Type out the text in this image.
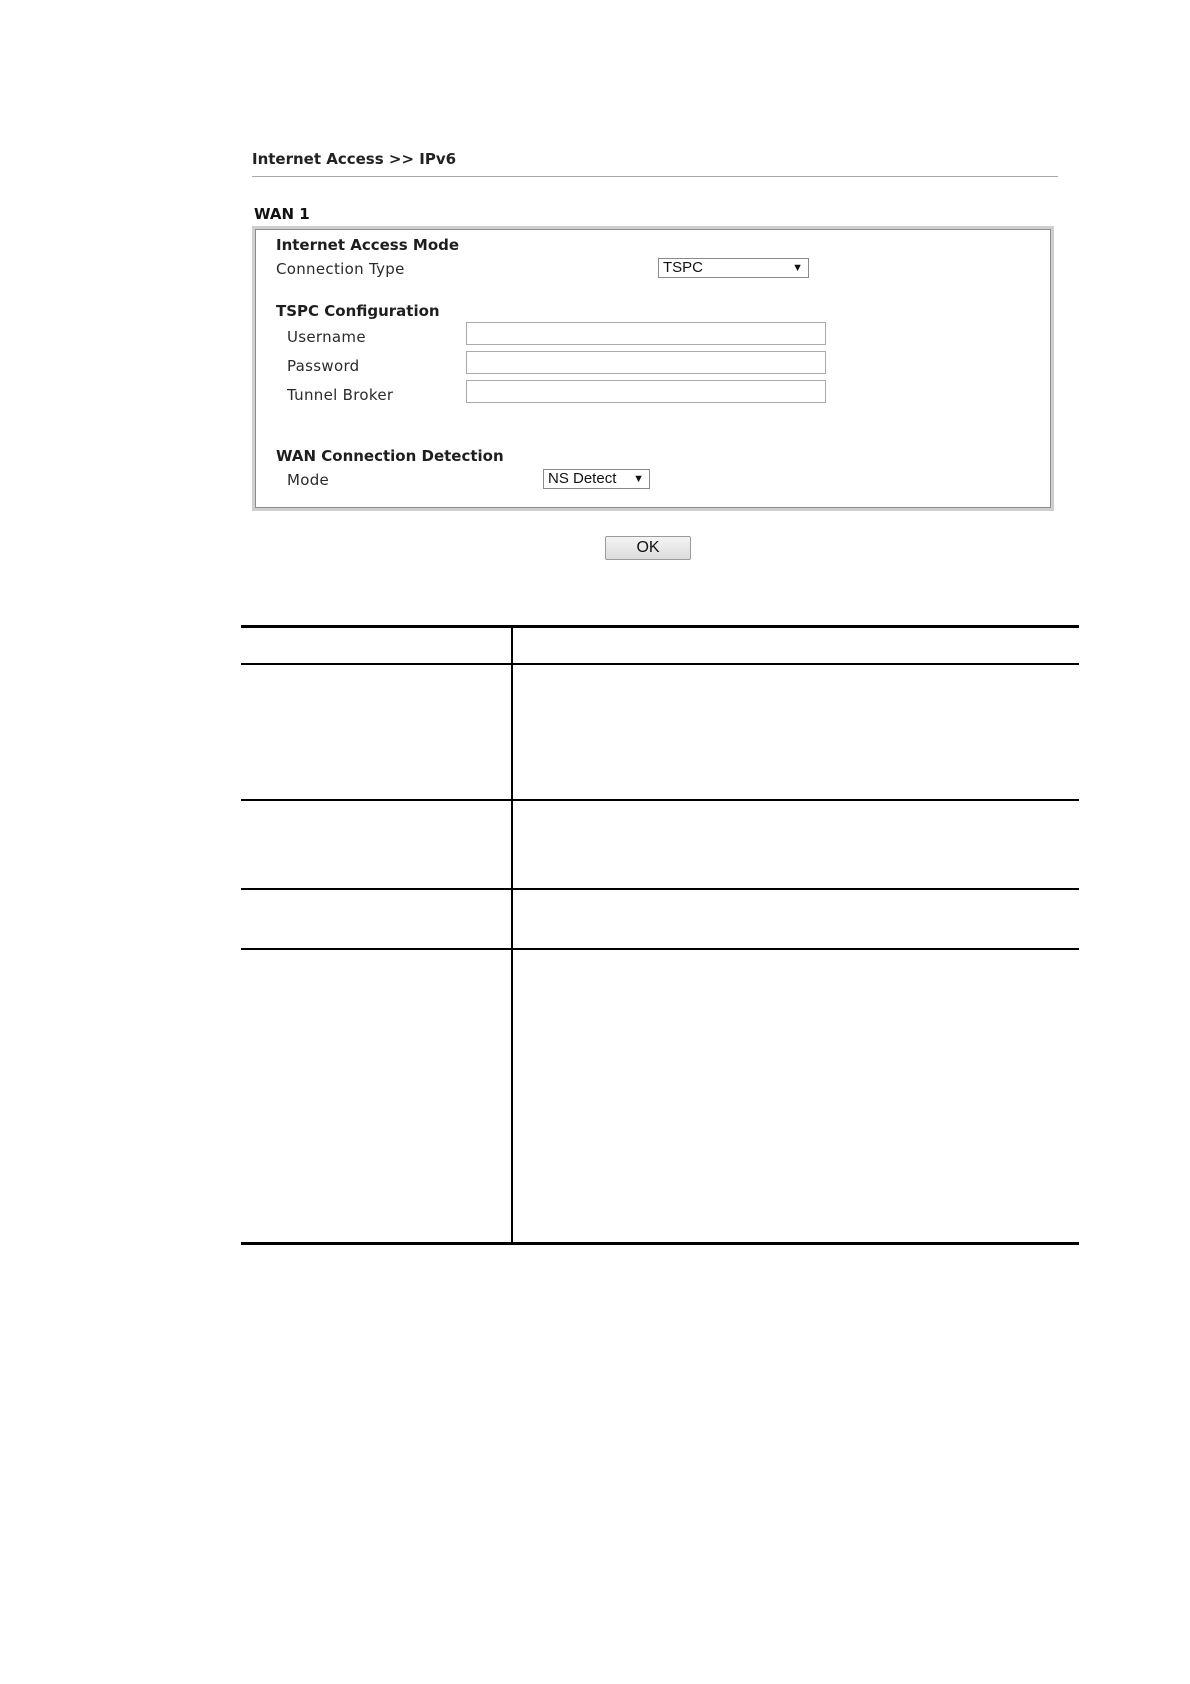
Internet Access >> IPv6
WAN 1
Internet Access Mode
Connection Type	TSPC	▼
TSPC Configuration
Username
Password
Tunnel Broker
WAN Connection Detection
Mode	NS Detect ▼
OK
